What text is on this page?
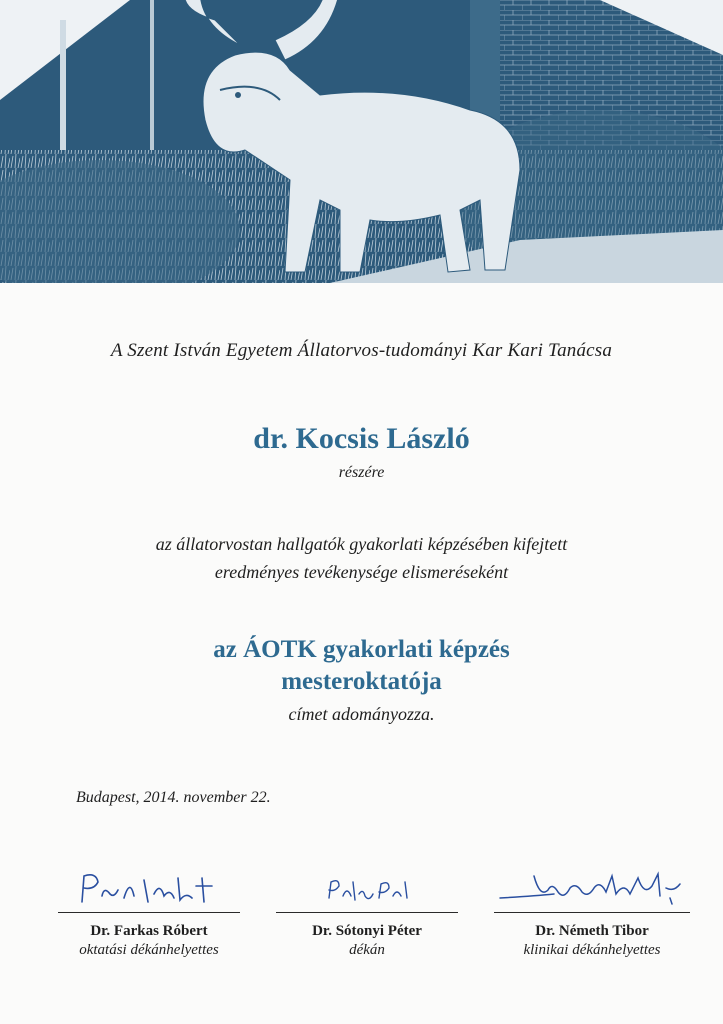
A Szent István Egyetem Állatorvos-tudományi Kar Kari Tanácsa
dr. Kocsis László
részére
az állatorvostan hallgatók gyakorlati képzésében kifejtett
eredményes tevékenysége elismeréseként
az ÁOTK gyakorlati képzés
mesteroktatója
címet adományozza.
Budapest, 2014. november 22.
Dr. Farkas Róbert
oktatási dékánhelyettes
Dr. Sótonyi Péter
dékán
Dr. Németh Tibor
klinikai dékánhelyettes
